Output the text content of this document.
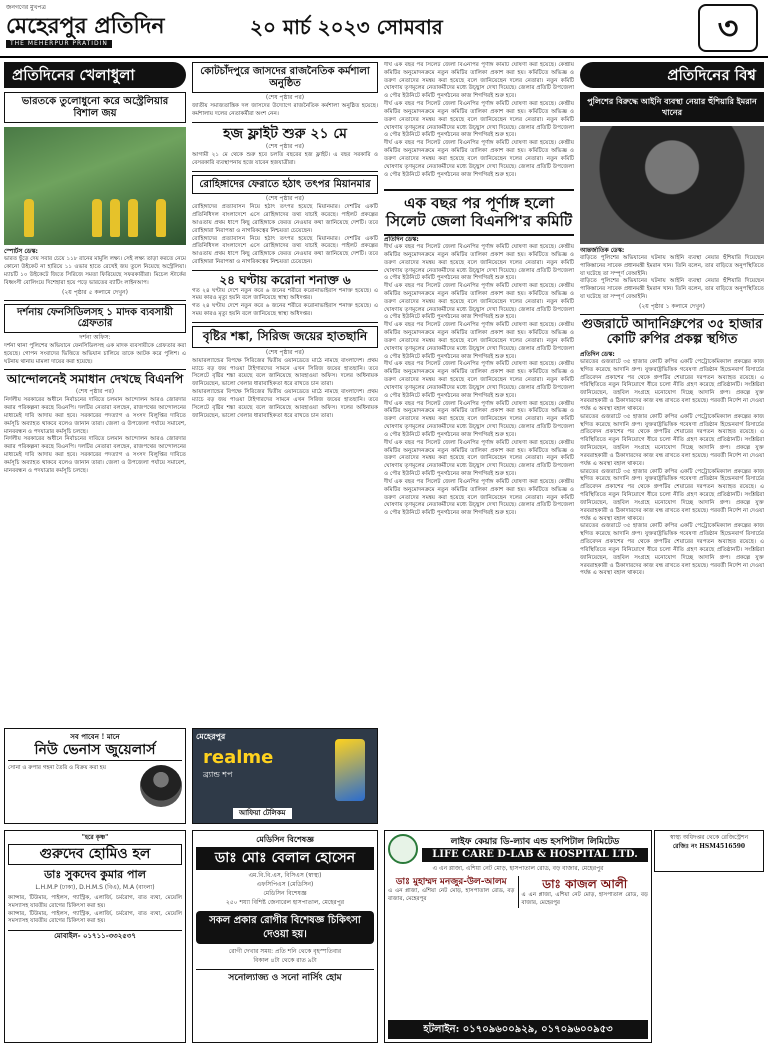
জনগণের মুখপত্র
মেহেরপুর প্রতিদিন
THE MEHERPUR PRATIDIN
২০ মার্চ ২০২৩ সোমবার	৩
প্রতিদিনের খেলাধুলা
ভারতকে তুলোধুনো করে অস্ট্রেলিয়ার বিশাল জয়
স্পোর্টস ডেস্ক:
ভারত ছুঁড়ে দেয় সবার চেয়ে ১১৮ রানের মামুলি লক্ষ্য। সেই লক্ষ্য তাড়া করতে নেমে কোনো উইকেট না হারিয়ে ১১ ওভার হাতে রেখেই জয় তুলে নিয়েছে অস্ট্রেলিয়া। ম্যাচটি ১০ উইকেটে জিতে সিরিজে সমতা ফিরিয়েছে সফরকারীরা। মিচেল স্টার্কের বিধ্বংসী বোলিংয়ে দিশেহারা হয়ে পড়ে ভারতের ব্যাটিং লাইনআপ।
(২য় পৃষ্ঠার ৫ কলামে দেখুন)
দর্শনায় ফেনসিডিলসহ ১ মাদক ব্যবসায়ী গ্রেফতার
দর্শনা অফিস:
দর্শনা থানা পুলিশের অভিযানে ফেনসিডিলসহ এক মাদক ব্যবসায়ীকে গ্রেফতার করা হয়েছে। গোপন সংবাদের ভিত্তিতে অভিযান চালিয়ে তাকে আটক করে পুলিশ। এ ঘটনায় থানায় মামলা দায়ের করা হয়েছে।
আন্দোলনেই সমাধান দেখছে বিএনপি
(শেষ পৃষ্ঠার পর)
নির্দলীয় সরকারের অধীনে নির্বাচনের দাবিতে চলমান আন্দোলন আরও জোরদার করার পরিকল্পনা করছে বিএনপি। দলটির নেতারা বলছেন, রাজপথের আন্দোলনের মাধ্যমেই দাবি আদায় করা হবে। সরকারের পদত্যাগ ও সংসদ বিলুপ্তির দাবিতে কর্মসূচি অব্যাহত থাকবে বলেও জানান তারা। জেলা ও উপজেলা পর্যায়ে সমাবেশ, মানববন্ধন ও পদযাত্রার কর্মসূচি চলছে।
নির্দলীয় সরকারের অধীনে নির্বাচনের দাবিতে চলমান আন্দোলন আরও জোরদার করার পরিকল্পনা করছে বিএনপি। দলটির নেতারা বলছেন, রাজপথের আন্দোলনের মাধ্যমেই দাবি আদায় করা হবে। সরকারের পদত্যাগ ও সংসদ বিলুপ্তির দাবিতে কর্মসূচি অব্যাহত থাকবে বলেও জানান তারা। জেলা ও উপজেলা পর্যায়ে সমাবেশ, মানববন্ধন ও পদযাত্রার কর্মসূচি চলছে।
কোটচাঁদপুরে জাসদের রাজনৈতিক কর্মশালা অনুষ্ঠিত
(শেষ পৃষ্ঠার পর)
জাতীয় সমাজতান্ত্রিক দল জাসদের উদ্যোগে রাজনৈতিক কর্মশালা অনুষ্ঠিত হয়েছে। কর্মশালায় দলের নেতাকর্মীরা অংশ নেন।
হজ ফ্লাইট শুরু ২১ মে
(শেষ পৃষ্ঠার পর)
আগামী ২১ মে থেকে শুরু হবে চলতি বছরের হজ ফ্লাইট। এ বছর সরকারি ও বেসরকারি ব্যবস্থাপনায় হজে যাবেন হজযাত্রীরা।
রোহিঙ্গাদের ফেরাতে হঠাৎ তৎপর মিয়ানমার
(শেষ পৃষ্ঠার পর)
রোহিঙ্গাদের প্রত্যাবাসন নিয়ে হঠাৎ তৎপর হয়েছে মিয়ানমার। দেশটির একটি প্রতিনিধিদল বাংলাদেশে এসে রোহিঙ্গাদের তথ্য যাচাই করেছে। পাইলট প্রকল্পের আওতায় প্রথম ধাপে কিছু রোহিঙ্গাকে ফেরত নেওয়ার কথা জানিয়েছে দেশটি। তবে রোহিঙ্গারা নিরাপত্তা ও নাগরিকত্বের নিশ্চয়তা চেয়েছেন।
রোহিঙ্গাদের প্রত্যাবাসন নিয়ে হঠাৎ তৎপর হয়েছে মিয়ানমার। দেশটির একটি প্রতিনিধিদল বাংলাদেশে এসে রোহিঙ্গাদের তথ্য যাচাই করেছে। পাইলট প্রকল্পের আওতায় প্রথম ধাপে কিছু রোহিঙ্গাকে ফেরত নেওয়ার কথা জানিয়েছে দেশটি। তবে রোহিঙ্গারা নিরাপত্তা ও নাগরিকত্বের নিশ্চয়তা চেয়েছেন।
২৪ ঘণ্টায় করোনা শনাক্ত ৬
গত ২৪ ঘণ্টায় দেশে নতুন করে ৬ জনের শরীরে করোনাভাইরাস শনাক্ত হয়েছে। এ সময় কারও মৃত্যু হয়নি বলে জানিয়েছে স্বাস্থ্য অধিদপ্তর।
গত ২৪ ঘণ্টায় দেশে নতুন করে ৬ জনের শরীরে করোনাভাইরাস শনাক্ত হয়েছে। এ সময় কারও মৃত্যু হয়নি বলে জানিয়েছে স্বাস্থ্য অধিদপ্তর।
বৃষ্টির শঙ্কা, সিরিজ জয়ের হাতছানি
(শেষ পৃষ্ঠার পর)
আয়ারল্যান্ডের বিপক্ষে সিরিজের দ্বিতীয় ওয়ানডেতে মাঠে নামছে বাংলাদেশ। প্রথম ম্যাচে বড় জয় পাওয়া টাইগারদের সামনে এখন সিরিজ জয়ের হাতছানি। তবে সিলেটে বৃষ্টির শঙ্কা রয়েছে বলে জানিয়েছে আবহাওয়া অফিস। দলের অধিনায়ক জানিয়েছেন, ভালো খেলার ধারাবাহিকতা ধরে রাখতে চান তারা।
আয়ারল্যান্ডের বিপক্ষে সিরিজের দ্বিতীয় ওয়ানডেতে মাঠে নামছে বাংলাদেশ। প্রথম ম্যাচে বড় জয় পাওয়া টাইগারদের সামনে এখন সিরিজ জয়ের হাতছানি। তবে সিলেটে বৃষ্টির শঙ্কা রয়েছে বলে জানিয়েছে আবহাওয়া অফিস। দলের অধিনায়ক জানিয়েছেন, ভালো খেলার ধারাবাহিকতা ধরে রাখতে চান তারা।
দীর্ঘ এক বছর পর সিলেট জেলা বিএনপির পূর্ণাঙ্গ কমিটি ঘোষণা করা হয়েছে। কেন্দ্রীয় কমিটির অনুমোদনক্রমে নতুন কমিটির তালিকা প্রকাশ করা হয়। কমিটিতে অভিজ্ঞ ও তরুণ নেতাদের সমন্বয় করা হয়েছে বলে জানিয়েছেন দলের নেতারা। নতুন কমিটি ঘোষণায় তৃণমূলের নেতাকর্মীদের মধ্যে উচ্ছ্বাস দেখা দিয়েছে। জেলার প্রতিটি উপজেলা ও পৌর ইউনিটে কমিটি পুনর্গঠনের কাজ শিগগিরই শুরু হবে।
দীর্ঘ এক বছর পর সিলেট জেলা বিএনপির পূর্ণাঙ্গ কমিটি ঘোষণা করা হয়েছে। কেন্দ্রীয় কমিটির অনুমোদনক্রমে নতুন কমিটির তালিকা প্রকাশ করা হয়। কমিটিতে অভিজ্ঞ ও তরুণ নেতাদের সমন্বয় করা হয়েছে বলে জানিয়েছেন দলের নেতারা। নতুন কমিটি ঘোষণায় তৃণমূলের নেতাকর্মীদের মধ্যে উচ্ছ্বাস দেখা দিয়েছে। জেলার প্রতিটি উপজেলা ও পৌর ইউনিটে কমিটি পুনর্গঠনের কাজ শিগগিরই শুরু হবে।
দীর্ঘ এক বছর পর সিলেট জেলা বিএনপির পূর্ণাঙ্গ কমিটি ঘোষণা করা হয়েছে। কেন্দ্রীয় কমিটির অনুমোদনক্রমে নতুন কমিটির তালিকা প্রকাশ করা হয়। কমিটিতে অভিজ্ঞ ও তরুণ নেতাদের সমন্বয় করা হয়েছে বলে জানিয়েছেন দলের নেতারা। নতুন কমিটি ঘোষণায় তৃণমূলের নেতাকর্মীদের মধ্যে উচ্ছ্বাস দেখা দিয়েছে। জেলার প্রতিটি উপজেলা ও পৌর ইউনিটে কমিটি পুনর্গঠনের কাজ শিগগিরই শুরু হবে।
এক বছর পর পূর্ণাঙ্গ হলো সিলেট জেলা বিএনপি'র কমিটি
প্রতিদিন ডেস্ক:
দীর্ঘ এক বছর পর সিলেট জেলা বিএনপির পূর্ণাঙ্গ কমিটি ঘোষণা করা হয়েছে। কেন্দ্রীয় কমিটির অনুমোদনক্রমে নতুন কমিটির তালিকা প্রকাশ করা হয়। কমিটিতে অভিজ্ঞ ও তরুণ নেতাদের সমন্বয় করা হয়েছে বলে জানিয়েছেন দলের নেতারা। নতুন কমিটি ঘোষণায় তৃণমূলের নেতাকর্মীদের মধ্যে উচ্ছ্বাস দেখা দিয়েছে। জেলার প্রতিটি উপজেলা ও পৌর ইউনিটে কমিটি পুনর্গঠনের কাজ শিগগিরই শুরু হবে।
দীর্ঘ এক বছর পর সিলেট জেলা বিএনপির পূর্ণাঙ্গ কমিটি ঘোষণা করা হয়েছে। কেন্দ্রীয় কমিটির অনুমোদনক্রমে নতুন কমিটির তালিকা প্রকাশ করা হয়। কমিটিতে অভিজ্ঞ ও তরুণ নেতাদের সমন্বয় করা হয়েছে বলে জানিয়েছেন দলের নেতারা। নতুন কমিটি ঘোষণায় তৃণমূলের নেতাকর্মীদের মধ্যে উচ্ছ্বাস দেখা দিয়েছে। জেলার প্রতিটি উপজেলা ও পৌর ইউনিটে কমিটি পুনর্গঠনের কাজ শিগগিরই শুরু হবে।
দীর্ঘ এক বছর পর সিলেট জেলা বিএনপির পূর্ণাঙ্গ কমিটি ঘোষণা করা হয়েছে। কেন্দ্রীয় কমিটির অনুমোদনক্রমে নতুন কমিটির তালিকা প্রকাশ করা হয়। কমিটিতে অভিজ্ঞ ও তরুণ নেতাদের সমন্বয় করা হয়েছে বলে জানিয়েছেন দলের নেতারা। নতুন কমিটি ঘোষণায় তৃণমূলের নেতাকর্মীদের মধ্যে উচ্ছ্বাস দেখা দিয়েছে। জেলার প্রতিটি উপজেলা ও পৌর ইউনিটে কমিটি পুনর্গঠনের কাজ শিগগিরই শুরু হবে।
দীর্ঘ এক বছর পর সিলেট জেলা বিএনপির পূর্ণাঙ্গ কমিটি ঘোষণা করা হয়েছে। কেন্দ্রীয় কমিটির অনুমোদনক্রমে নতুন কমিটির তালিকা প্রকাশ করা হয়। কমিটিতে অভিজ্ঞ ও তরুণ নেতাদের সমন্বয় করা হয়েছে বলে জানিয়েছেন দলের নেতারা। নতুন কমিটি ঘোষণায় তৃণমূলের নেতাকর্মীদের মধ্যে উচ্ছ্বাস দেখা দিয়েছে। জেলার প্রতিটি উপজেলা ও পৌর ইউনিটে কমিটি পুনর্গঠনের কাজ শিগগিরই শুরু হবে।
দীর্ঘ এক বছর পর সিলেট জেলা বিএনপির পূর্ণাঙ্গ কমিটি ঘোষণা করা হয়েছে। কেন্দ্রীয় কমিটির অনুমোদনক্রমে নতুন কমিটির তালিকা প্রকাশ করা হয়। কমিটিতে অভিজ্ঞ ও তরুণ নেতাদের সমন্বয় করা হয়েছে বলে জানিয়েছেন দলের নেতারা। নতুন কমিটি ঘোষণায় তৃণমূলের নেতাকর্মীদের মধ্যে উচ্ছ্বাস দেখা দিয়েছে। জেলার প্রতিটি উপজেলা ও পৌর ইউনিটে কমিটি পুনর্গঠনের কাজ শিগগিরই শুরু হবে।
দীর্ঘ এক বছর পর সিলেট জেলা বিএনপির পূর্ণাঙ্গ কমিটি ঘোষণা করা হয়েছে। কেন্দ্রীয় কমিটির অনুমোদনক্রমে নতুন কমিটির তালিকা প্রকাশ করা হয়। কমিটিতে অভিজ্ঞ ও তরুণ নেতাদের সমন্বয় করা হয়েছে বলে জানিয়েছেন দলের নেতারা। নতুন কমিটি ঘোষণায় তৃণমূলের নেতাকর্মীদের মধ্যে উচ্ছ্বাস দেখা দিয়েছে। জেলার প্রতিটি উপজেলা ও পৌর ইউনিটে কমিটি পুনর্গঠনের কাজ শিগগিরই শুরু হবে।
দীর্ঘ এক বছর পর সিলেট জেলা বিএনপির পূর্ণাঙ্গ কমিটি ঘোষণা করা হয়েছে। কেন্দ্রীয় কমিটির অনুমোদনক্রমে নতুন কমিটির তালিকা প্রকাশ করা হয়। কমিটিতে অভিজ্ঞ ও তরুণ নেতাদের সমন্বয় করা হয়েছে বলে জানিয়েছেন দলের নেতারা। নতুন কমিটি ঘোষণায় তৃণমূলের নেতাকর্মীদের মধ্যে উচ্ছ্বাস দেখা দিয়েছে। জেলার প্রতিটি উপজেলা ও পৌর ইউনিটে কমিটি পুনর্গঠনের কাজ শিগগিরই শুরু হবে।
প্রতিদিনের বিশ্ব
পুলিশের বিরুদ্ধে আইনি ব্যবস্থা নেয়ার হুঁশিয়ারি ইমরান খানের
আন্তর্জাতিক ডেস্ক:
বাড়িতে পুলিশের অভিযানের ঘটনায় আইনি ব্যবস্থা নেয়ার হুঁশিয়ারি দিয়েছেন পাকিস্তানের সাবেক প্রধানমন্ত্রী ইমরান খান। তিনি বলেন, তার বাড়িতে অনুপস্থিতিতে যা ঘটেছে তা সম্পূর্ণ বেআইনি।
বাড়িতে পুলিশের অভিযানের ঘটনায় আইনি ব্যবস্থা নেয়ার হুঁশিয়ারি দিয়েছেন পাকিস্তানের সাবেক প্রধানমন্ত্রী ইমরান খান। তিনি বলেন, তার বাড়িতে অনুপস্থিতিতে যা ঘটেছে তা সম্পূর্ণ বেআইনি।
(২য় পৃষ্ঠার ১ কলামে দেখুন)
গুজরাটে আদানিগ্রুপের ৩৫ হাজার কোটি রুপির প্রকল্প স্থগিত
প্রতিদিন ডেস্ক:
ভারতের গুজরাটে ৩৫ হাজার কোটি রুপির একটি পেট্রোকেমিক্যাল প্রকল্পের কাজ স্থগিত করেছে আদানি গ্রুপ। যুক্তরাষ্ট্রভিত্তিক গবেষণা প্রতিষ্ঠান হিন্ডেনবার্গ রিসার্চের প্রতিবেদন প্রকাশের পর থেকে গ্রুপটির শেয়ারের দরপতন অব্যাহত রয়েছে। এ পরিস্থিতিতে নতুন বিনিয়োগে ধীরে চলো নীতি গ্রহণ করেছে প্রতিষ্ঠানটি। সংশ্লিষ্টরা জানিয়েছেন, তহবিল সংগ্রহে মনোযোগ দিচ্ছে আদানি গ্রুপ। প্রকল্পে যুক্ত সরবরাহকারী ও ঠিকাদারদের কাজ বন্ধ রাখতে বলা হয়েছে। পরবর্তী নির্দেশ না দেওয়া পর্যন্ত এ অবস্থা বহাল থাকবে।
ভারতের গুজরাটে ৩৫ হাজার কোটি রুপির একটি পেট্রোকেমিক্যাল প্রকল্পের কাজ স্থগিত করেছে আদানি গ্রুপ। যুক্তরাষ্ট্রভিত্তিক গবেষণা প্রতিষ্ঠান হিন্ডেনবার্গ রিসার্চের প্রতিবেদন প্রকাশের পর থেকে গ্রুপটির শেয়ারের দরপতন অব্যাহত রয়েছে। এ পরিস্থিতিতে নতুন বিনিয়োগে ধীরে চলো নীতি গ্রহণ করেছে প্রতিষ্ঠানটি। সংশ্লিষ্টরা জানিয়েছেন, তহবিল সংগ্রহে মনোযোগ দিচ্ছে আদানি গ্রুপ। প্রকল্পে যুক্ত সরবরাহকারী ও ঠিকাদারদের কাজ বন্ধ রাখতে বলা হয়েছে। পরবর্তী নির্দেশ না দেওয়া পর্যন্ত এ অবস্থা বহাল থাকবে।
ভারতের গুজরাটে ৩৫ হাজার কোটি রুপির একটি পেট্রোকেমিক্যাল প্রকল্পের কাজ স্থগিত করেছে আদানি গ্রুপ। যুক্তরাষ্ট্রভিত্তিক গবেষণা প্রতিষ্ঠান হিন্ডেনবার্গ রিসার্চের প্রতিবেদন প্রকাশের পর থেকে গ্রুপটির শেয়ারের দরপতন অব্যাহত রয়েছে। এ পরিস্থিতিতে নতুন বিনিয়োগে ধীরে চলো নীতি গ্রহণ করেছে প্রতিষ্ঠানটি। সংশ্লিষ্টরা জানিয়েছেন, তহবিল সংগ্রহে মনোযোগ দিচ্ছে আদানি গ্রুপ। প্রকল্পে যুক্ত সরবরাহকারী ও ঠিকাদারদের কাজ বন্ধ রাখতে বলা হয়েছে। পরবর্তী নির্দেশ না দেওয়া পর্যন্ত এ অবস্থা বহাল থাকবে।
ভারতের গুজরাটে ৩৫ হাজার কোটি রুপির একটি পেট্রোকেমিক্যাল প্রকল্পের কাজ স্থগিত করেছে আদানি গ্রুপ। যুক্তরাষ্ট্রভিত্তিক গবেষণা প্রতিষ্ঠান হিন্ডেনবার্গ রিসার্চের প্রতিবেদন প্রকাশের পর থেকে গ্রুপটির শেয়ারের দরপতন অব্যাহত রয়েছে। এ পরিস্থিতিতে নতুন বিনিয়োগে ধীরে চলো নীতি গ্রহণ করেছে প্রতিষ্ঠানটি। সংশ্লিষ্টরা জানিয়েছেন, তহবিল সংগ্রহে মনোযোগ দিচ্ছে আদানি গ্রুপ। প্রকল্পে যুক্ত সরবরাহকারী ও ঠিকাদারদের কাজ বন্ধ রাখতে বলা হয়েছে। পরবর্তী নির্দেশ না দেওয়া পর্যন্ত এ অবস্থা বহাল থাকবে।
সব পাবেন ! মানে
নিউ ভেনাস জুয়েলার্স
সোনা ও রুপার গহনা তৈরি ও বিক্রয় করা হয়
মেহেরপুর
realme
ব্র্যান্ড শপ
আফিয়া টেলিকম
"হরে কৃষ্ণ"
গুরুদেব হোমিও হল
ডাঃ সুকদেব কুমার পাল
L.H.M.P (ঢাকা), D.H.M.S (বিএ), M.A (বাংলা)
ক্যান্সার, টিউমার, পাইলস, গ্যাস্ট্রিক, এলার্জি, চর্মরোগ, বাত ব্যথা, মেয়েলি সমস্যাসহ যাবতীয় রোগের চিকিৎসা করা হয়।
ক্যান্সার, টিউমার, পাইলস, গ্যাস্ট্রিক, এলার্জি, চর্মরোগ, বাত ব্যথা, মেয়েলি সমস্যাসহ যাবতীয় রোগের চিকিৎসা করা হয়।
মোবাইল- ০১৭১১-৩৩২৫৩৭
মেডিসিন বিশেষজ্ঞ
ডাঃ মোঃ বেলাল হোসেন
এম.বি.বি.এস, বিসিএস (স্বাস্থ্য)
এফসিপিএস (মেডিসিন)
মেডিসিন বিশেষজ্ঞ
২৫০ শয্যা বিশিষ্ট জেনারেল হাসপাতাল, মেহেরপুর
সকল প্রকার রোগীর বিশেষজ্ঞ চিকিৎসা দেওয়া হয়।
রোগী দেখার সময়: প্রতি শনি থেকে বৃহস্পতিবার
বিকাল ৪টা থেকে রাত ৯টা
সনোল্যাজ্য ও সনো নার্সিং হোম
স্বাস্থ্য অধিদপ্তর থেকে রেজিস্ট্রেশন
রেজিঃ নং HSM4516590
লাইফ কেয়ার ডি-ল্যাব এন্ড হসপিটাল লিমিটেড
LIFE CARE D-LAB & HOSPITAL LTD.
এ এন প্লাজা, এশিয়া নেট মোড়, হাসপাতাল রোড, বড় বাজার, মেহেরপুর
ডাঃ মুহাম্মদ মনজুর-উল-আলম
এ এন প্লাজা, এশিয়া নেট মোড়, হাসপাতাল রোড, বড় বাজার, মেহেরপুর
ডাঃ কাজল আলী
এ এন প্লাজা, এশিয়া নেট মোড়, হাসপাতাল রোড, বড় বাজার, মেহেরপুর
হটলাইন: ০১৭০৯৬০০৯২৯, ০১৭০৯৬০০৯৫৩
